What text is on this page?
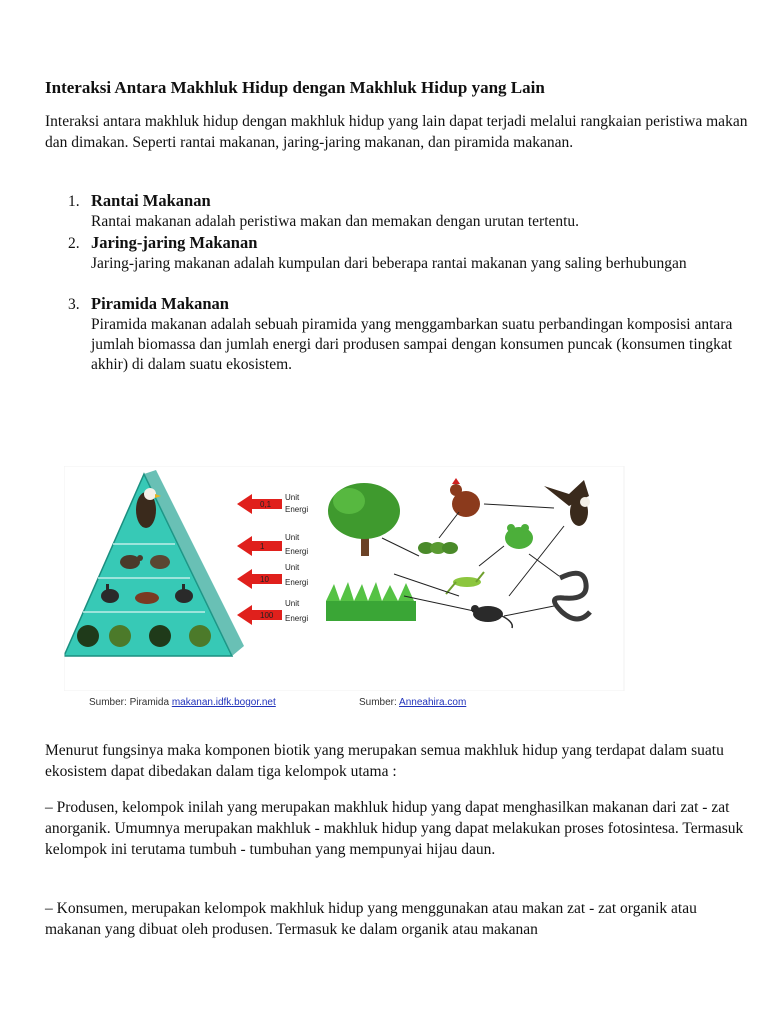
Interaksi Antara Makhluk Hidup dengan Makhluk Hidup yang Lain

Interaksi antara makhluk hidup dengan makhluk hidup yang lain dapat terjadi melalui rangkaian peristiwa makan dan dimakan. Seperti rantai makanan, jaring-jaring makanan, dan piramida makanan.

1. Rantai Makanan
Rantai makanan adalah peristiwa makan dan memakan dengan urutan tertentu.
2. Jaring-jaring Makanan
Jaring-jaring makanan adalah kumpulan dari beberapa rantai makanan yang saling berhubungan
3. Piramida Makanan
Piramida makanan adalah sebuah piramida yang menggambarkan suatu perbandingan komposisi antara jumlah biomassa dan jumlah energi dari produsen sampai dengan konsumen puncak (konsumen tingkat akhir) di dalam suatu ekosistem.
0,1
Unit
Energi
1
Unit
Energi
10
Unit
Energi
100
Unit
Energi
Sumber: Piramida makanan.idfk.bogor.net	Sumber: Anneahira.com

Menurut fungsinya maka komponen biotik yang merupakan semua makhluk hidup yang terdapat dalam suatu ekosistem dapat dibedakan dalam tiga kelompok utama :

– Produsen, kelompok inilah yang merupakan makhluk hidup yang dapat menghasilkan makanan dari zat - zat anorganik. Umumnya merupakan makhluk - makhluk hidup yang dapat melakukan proses fotosintesa. Termasuk kelompok ini terutama tumbuh - tumbuhan yang mempunyai hijau daun.

– Konsumen, merupakan kelompok makhluk hidup yang menggunakan atau makan zat - zat organik atau makanan yang dibuat oleh produsen. Termasuk ke dalam organik atau makanan
